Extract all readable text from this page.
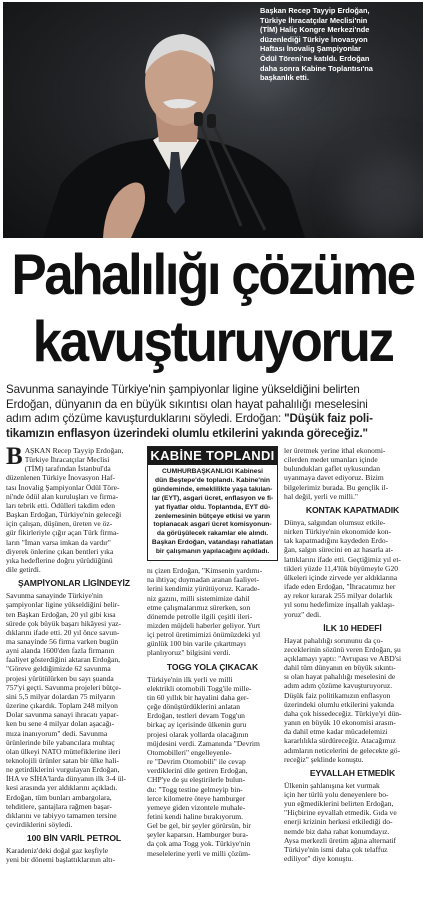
Başkan Recep Tayyip Erdoğan,
Türkiye İhracatçılar Meclisi'nin
(TİM) Haliç Kongre Merkezi'nde
düzenlediği Türkiye İnovasyon
Haftası İnovalig Şampiyonlar
Ödül Töreni'ne katıldı. Erdoğan
daha sonra Kabine Toplantısı'na
başkanlık etti.
Pahalılığı çözüme
kavuşturuyoruz
Savunma sanayinde Türkiye'nin şampiyonlar ligine yükseldiğini belirten
Erdoğan, dünyanın da en büyük sıkıntısı olan hayat pahalılığı meselesini
adım adım çözüme kavuşturduklarını söyledi. Erdoğan: "Düşük faiz poli-
tikamızın enflasyon üzerindeki olumlu etkilerini yakında göreceğiz."

B AŞKAN Recep Tayyip Erdoğan,
Türkiye İhracatçılar Meclisi
(TİM) tarafından İstanbul'da
düzenlenen Türkiye İnovasyon Haf-
tası İnovalig Şampiyonlar Ödül Töre-
ni'nde ödül alan kuruluşları ve firma-
ları tebrik etti. Ödülleri takdim eden
Başkan Erdoğan, Türkiye'nin geleceği
için çalışan, düşünen, üreten ve öz-
gür fikirleriyle çığır açan Türk firma-
ların "İman varsa imkan da vardır"
diyerek önlerine çıkan bentleri yıka
yıka hedeflerine doğru yürüdüğünü
dile getirdi.

ŞAMPİYONLAR LİGİNDEYİZ

Savunma sanayinde Türkiye'nin
şampiyonlar ligine yükseldiğini belir-
ten Başkan Erdoğan, 20 yıl gibi kısa
sürede çok büyük başarı hikâyesi yaz-
dıklarını ifade etti. 20 yıl önce savun-
ma sanayinde 56 firma varken bugün
ayni alanda 1600'den fazla firmanın
faaliyet gösterdiğini aktaran Erdoğan,
"Göreve geldiğimizde 62 savunma
projesi yürütülürken bu sayı şuanda
757'yi geçti. Savunma projeleri bütçe-
sini 5,5 milyar dolardan 75 milyarın
üzerine çıkardık. Toplam 248 milyon
Dolar savunma sanayi ihracatı yapar-
ken bu sene 4 milyar dolan aşacağı-
mıza inanıyorum" dedi. Savunma
ürünlerinde bile yabancılara muhtaç
olan ülkeyi NATO müttefiklerine ileri
teknolojili ürünler satan bir ülke hali-
ne getirdiklerini vurgulayan Erdoğan,
İHA ve SİHA'larda dünyanın ilk 3-4 ül-
kesi arasında yer aldıklarını açıkladı.
Erdoğan, tüm bunları ambargolara,
tehditlere, şantajlara rağmen başar-
dıklarını ve tabiyyo tamamen tersine
çevirdiklerini söyledi.

100 BİN VARİL PETROL

Karadeniz'deki doğal gaz keşfiyle
yeni bir dönemi başlattıklarının altı-

KABİNE TOPLANDI
CUMHURBAŞKANLIĞI Kabinesi
dün Beştepe'de toplandı. Kabine'nin
gündeminde, emeklilikte yaşa takılan-
lar (EYT), asgari ücret, enflasyon ve fi-
yat fiyatlar oldu. Toplantıda, EYT dü-
zenlemesinin bütçeye etkisi ve yarın
toplanacak asgari ücret komisyonun-
da görüşülecek rakamlar ele alındı.
Başkan Erdoğan, vatandaşı rahatlatan
bir çalışmanın yapılacağını açıkladı.

nı çizen Erdoğan, "Kimsenin yardımı-
na ihtiyaç duymadan aranan faaliyet-
lerini kendimiz yürütüyoruz. Karade-
niz gazını, milli sistemimize dahil
etme çalışmalarımız sürerken, son
dönemde petrolle ilgili çeşitli ileri-
mizden müjdeli haberler geliyor. Yurt
içi petrol üretimimizi önümüzdeki yıl
günlük 100 bin varile çıkartmayı
planlıyoruz" bilgisini verdi.

TOGG YOLA ÇIKACAK

Türkiye'nin ilk yerli ve milli
elektrikli otomobili Togg'ile mille-
tin 60 yıllık bir hayalini daha ger-
çeğe dönüştürdüklerini anlatan
Erdoğan, testleri devam Togg'un
birkaç ay içerisinde ülkenin guru
projesi olarak yollarda olacağının
müjdesini verdi. Zamanında "Devrim
Otomobilleri" engelleyenle-
re "Devrim Otomobili" ile cevap
verdiklerini dile getiren Erdoğan,
CHP'ye de şu eleştirilerle bulun-
du: "Togg testine gelmeyip bin-
lerce kilometre öteye hamburger
yemeye giden vizontele muhale-
fetini kendi haline bırakıyorum.
Gel be gel, bir şeyler görürsün, bir
şeyler kaparsın. Hamburger bura-
da çok ama Togg yok. Türkiye'nin
meselelerine yerli ve milli çözüm-

ler üretmek yerine ithal ekonomi-
cilerden medet umanları içinde
bulundukları gaflet uykusundan
uyanmaya davet ediyoruz. Bizim
bilgelerimiz burada. Bu gençlik il-
hal değil, yerli ve milli."

KONTAK KAPATMADIK

Dünya, salgından olumsuz etkile-
nirken Türkiye'nin ekonomide kon-
tak kapatmadığını kaydeden Erdo-
ğan, salgın sürecini en az hasarla at-
lattıklarını ifade etti. Geçtiğimiz yıl et-
tikleri yüzde 11,4'lük büyümeyle G20
ülkeleri içinde zirvede yer aldıklarına
ifade eden Erdoğan, "İhracatımız her
ay rekor kırarak 255 milyar dolarlık
yıl sonu hedefimize inşallah yaklaşı-
yoruz" dedi.

İLK 10 HEDEFİ

Hayat pahalılığı sorununu da ço-
zeceklerinin sözünü veren Erdoğan, şu
açıklamayı yaptı: "Avrupası ve ABD'si
dahil tüm dünyanın en büyük sıkıntı-
sı olan hayat pahalılığı meselesini de
adım adım çözüme kavuşturuyoruz.
Düşük faiz politikamızın enflasyon
üzerindeki olumlu etkilerini yakında
daha çok hissedeceğiz. Türkiye'yi dün-
yanın en büyük 10 ekonomisi arasın-
da dahil etme kadar mücadelemizi
kararlılıkla sürdüreceğiz. Atacağımız
adımların neticelerini de gelecekte gö-
receğiz" şeklinde konuştu.

EYVALLAH ETMEDİK

Ülkenin şahlanışına ket vurmak
için her türlü yolu deneyenlere bo-
yun eğmediklerini belirten Erdoğan,
"Hiçbirine eyvallah etmedik. Gıda ve
enerji krizinin herkesi etkilediği do-
nemde biz daha rahat konumdayız.
Aysa merkezli üretim ağına alternatif
Türkiye'nin ismi daha çok telaffuz
ediliyor" diye konuştu.
